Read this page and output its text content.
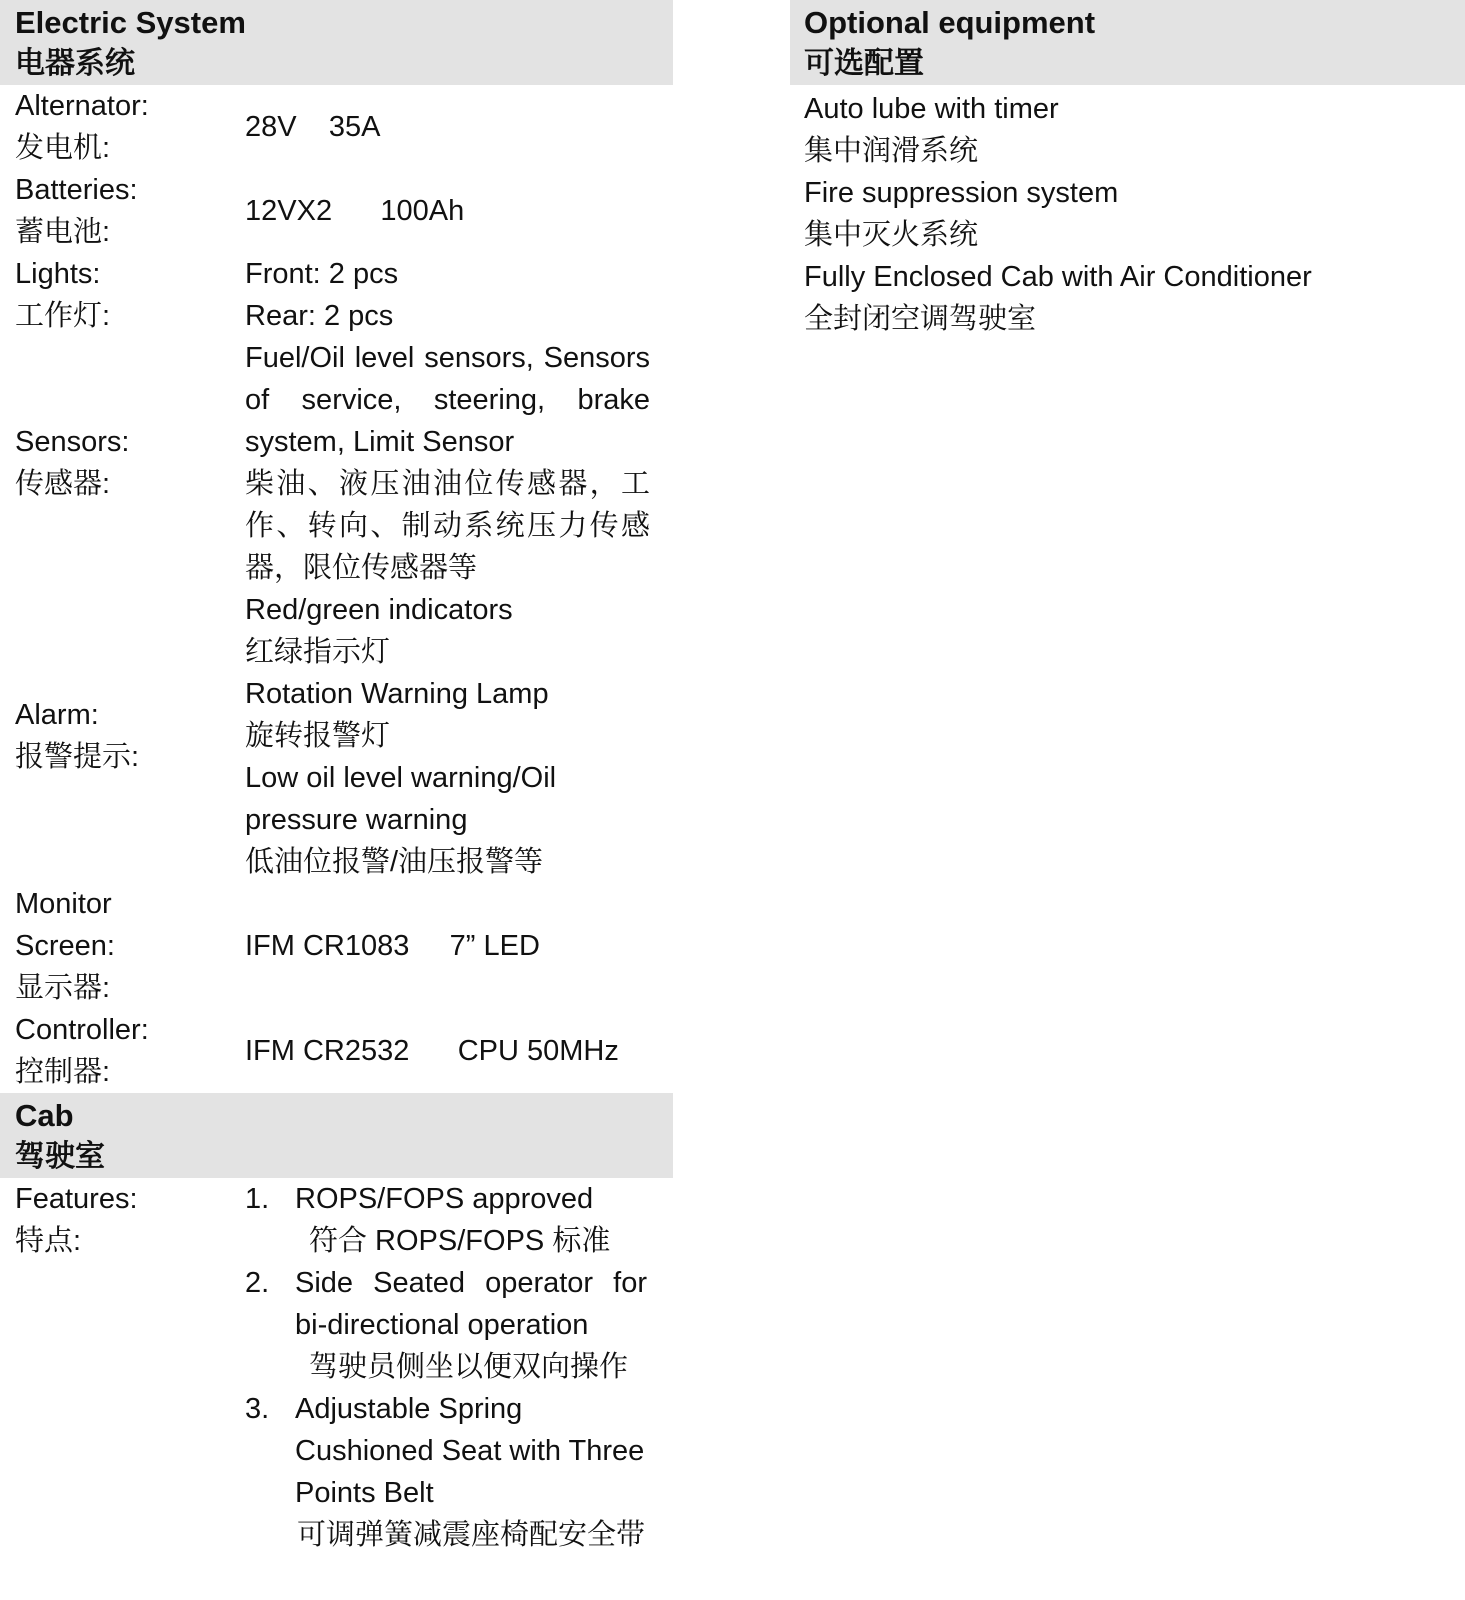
Electric System
电器系统
Alternator:
发电机:
28V    35A
Batteries:
蓄电池:
12VX2      100Ah
Lights:
工作灯:
Front: 2 pcs
Rear: 2 pcs
Sensors:
传感器:
Fuel/Oil level sensors, Sensors of service, steering, brake system, Limit Sensor
柴油、液压油油位传感器，工作、转向、制动系统压力传感器，限位传感器等
Alarm:
报警提示:
Red/green indicators
红绿指示灯
Rotation Warning Lamp
旋转报警灯
Low oil level warning/Oil pressure warning
低油位报警/油压报警等
Monitor
Screen:
显示器:
IFM CR1083     7” LED
Controller:
控制器:
IFM CR2532      CPU 50MHz
Cab
驾驶室
Features:
特点:
1. ROPS/FOPS approved
符合 ROPS/FOPS 标准
2. Side Seated operator for bi-directional operation
驾驶员侧坐以便双向操作
3. Adjustable Spring Cushioned Seat with Three Points Belt
可调弹簧减震座椅配安全带
Optional equipment
可选配置
Auto lube with timer
集中润滑系统
Fire suppression system
集中灭火系统
Fully Enclosed Cab with Air Conditioner
全封闭空调驾驶室
